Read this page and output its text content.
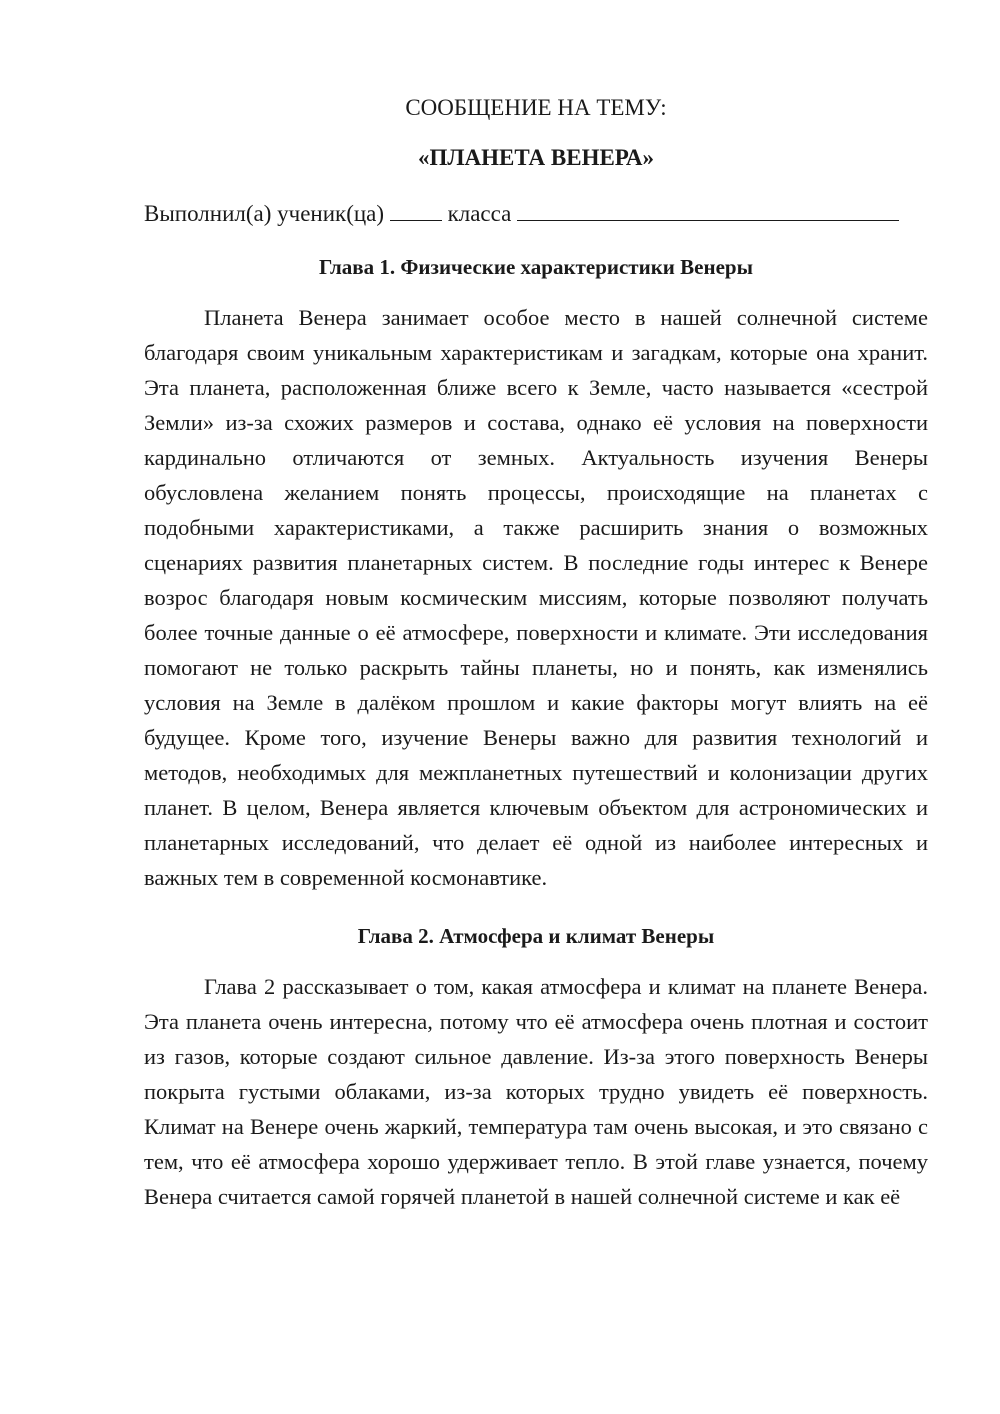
СООБЩЕНИЕ НА ТЕМУ:

«ПЛАНЕТА ВЕНЕРА»

Выполнил(а) ученик(ца)	класса

Глава 1. Физические характеристики Венеры

Планета Венера занимает особое место в нашей солнечной системе благодаря своим уникальным характеристикам и загадкам, которые она хранит. Эта планета, расположенная ближе всего к Земле, часто называется «сестрой Земли» из-за схожих размеров и состава, однако её условия на поверхности кардинально отличаются от земных. Актуальность изучения Венеры обусловлена желанием понять процессы, происходящие на планетах с подобными характеристиками, а также расширить знания о возможных сценариях развития планетарных систем. В последние годы интерес к Венере возрос благодаря новым космическим миссиям, которые позволяют получать более точные данные о её атмосфере, поверхности и климате. Эти исследования помогают не только раскрыть тайны планеты, но и понять, как изменялись условия на Земле в далёком прошлом и какие факторы могут влиять на её будущее. Кроме того, изучение Венеры важно для развития технологий и методов, необходимых для межпланетных путешествий и колонизации других планет. В целом, Венера является ключевым объектом для астрономических и планетарных исследований, что делает её одной из наиболее интересных и важных тем в современной космонавтике.

Глава 2. Атмосфера и климат Венеры

Глава 2 рассказывает о том, какая атмосфера и климат на планете Венера. Эта планета очень интересна, потому что её атмосфера очень плотная и состоит из газов, которые создают сильное давление. Из-за этого поверхность Венеры покрыта густыми облаками, из-за которых трудно увидеть её поверхность. Климат на Венере очень жаркий, температура там очень высокая, и это связано с тем, что её атмосфера хорошо удерживает тепло. В этой главе узнается, почему Венера считается самой горячей планетой в нашей солнечной системе и как её
